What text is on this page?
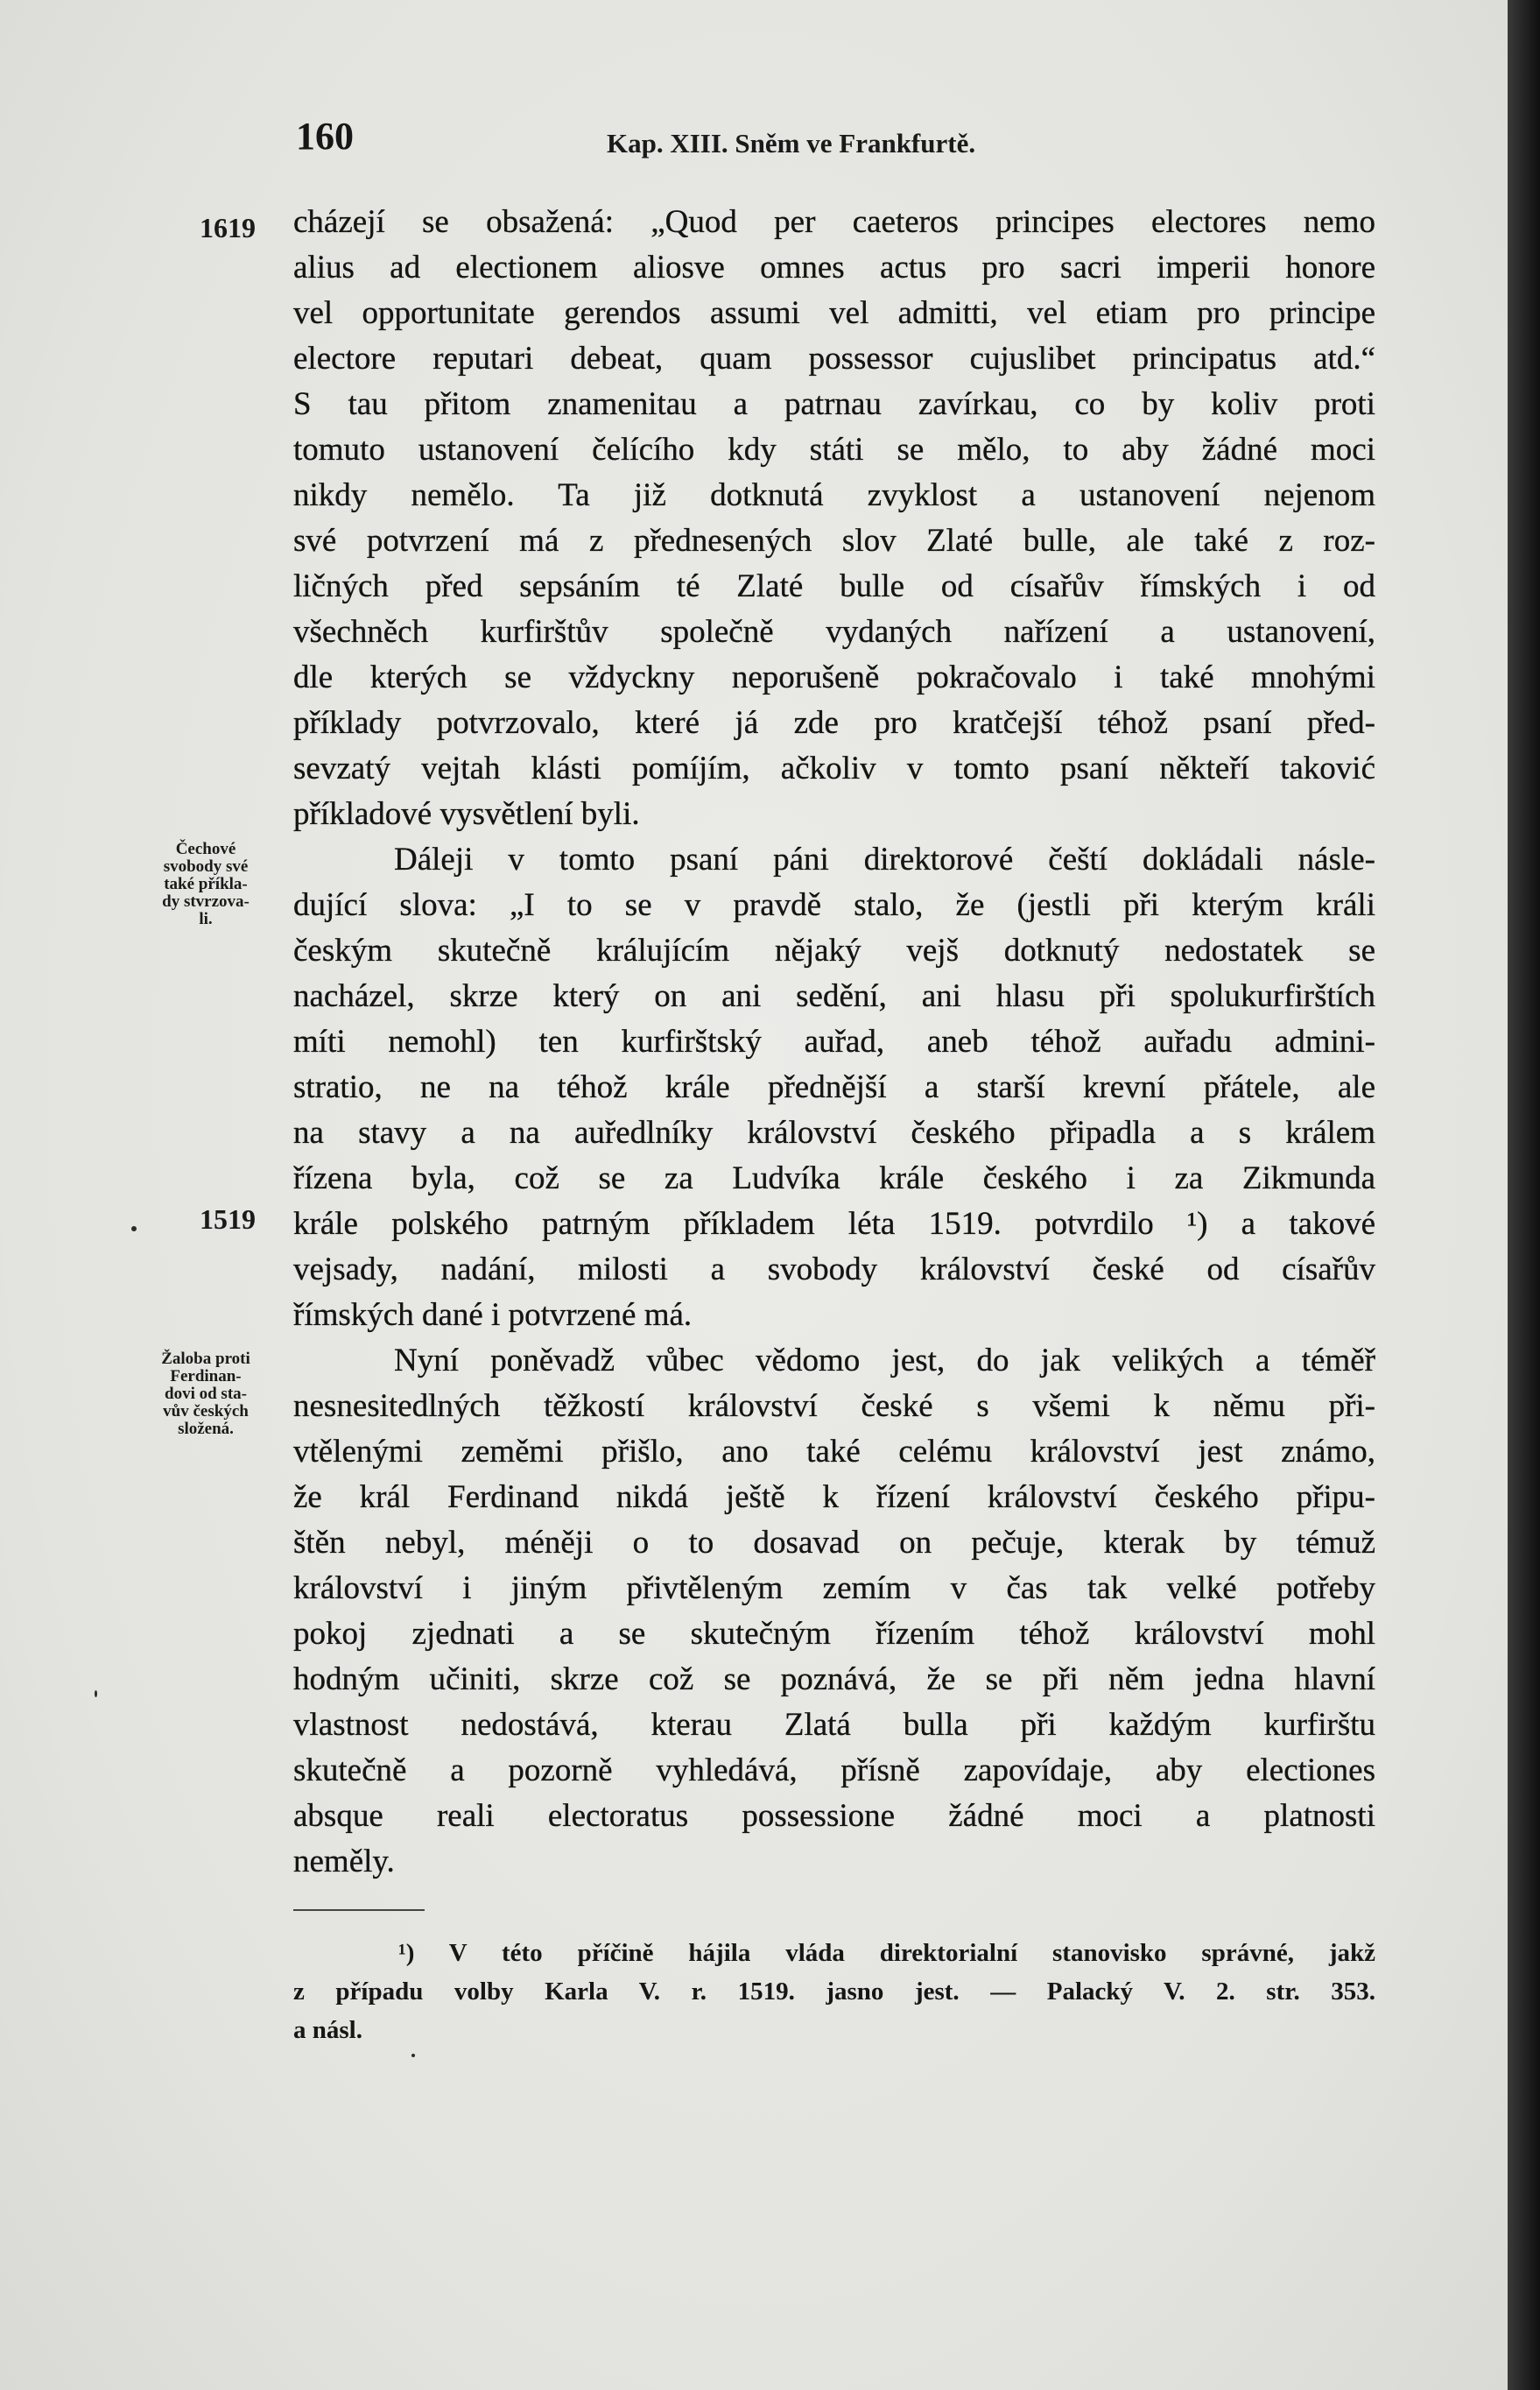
160	Kap. XIII. Sněm ve Frankfurtě.
1619
1519
Čechové
svobody své
také příkla-
dy stvrzova-
li.
Žaloba proti
Ferdinan-
dovi od sta-
vův českých
složená.
cházejí se obsažená: „Quod per caeteros principes electores nemo
alius ad electionem aliosve omnes actus pro sacri imperii honore
vel opportunitate gerendos assumi vel admitti, vel etiam pro principe
electore reputari debeat, quam possessor cujuslibet principatus atd.“
S tau přitom znamenitau a patrnau zavírkau, co by koliv proti
tomuto ustanovení čelícího kdy státi se mělo, to aby žádné moci
nikdy nemělo. Ta již dotknutá zvyklost a ustanovení nejenom
své potvrzení má z přednesených slov Zlaté bulle, ale také z roz-
ličných před sepsáním té Zlaté bulle od císařův římských i od
všechněch kurfirštův společně vydaných nařízení a ustanovení,
dle kterých se vždyckny neporušeně pokračovalo i také mnohými
příklady potvrzovalo, které já zde pro kratčejší téhož psaní před-
sevzatý vejtah klásti pomíjím, ačkoliv v tomto psaní někteří taković
příkladové vysvětlení byli.
Dáleji v tomto psaní páni direktorové čeští dokládali násle-
dující slova: „I to se v pravdě stalo, že (jestli při kterým králi
českým skutečně králujícím nějaký vejš dotknutý nedostatek se
nacházel, skrze který on ani sedění, ani hlasu při spolukurfirštích
míti nemohl) ten kurfirštský auřad, aneb téhož auřadu admini-
stratio, ne na téhož krále přednější a starší krevní přátele, ale
na stavy a na auředlníky království českého připadla a s králem
řízena byla, což se za Ludvíka krále českého i za Zikmunda
krále polského patrným příkladem léta 1519. potvrdilo ¹) a takové
vejsady, nadání, milosti a svobody království české od císařův
římských dané i potvrzené má.
Nyní poněvadž vůbec vědomo jest, do jak velikých a téměř
nesnesitedlných těžkostí království české s všemi k němu při-
vtělenými zeměmi přišlo, ano také celému království jest známo,
že král Ferdinand nikdá ještě k řízení království českého připu-
štěn nebyl, méněji o to dosavad on pečuje, kterak by témuž
království i jiným přivtěleným zemím v čas tak velké potřeby
pokoj zjednati a se skutečným řízením téhož království mohl
hodným učiniti, skrze což se poznává, že se při něm jedna hlavní
vlastnost nedostává, kterau Zlatá bulla při každým kurfirštu
skutečně a pozorně vyhledává, přísně zapovídaje, aby electiones
absque reali electoratus possessione žádné moci a platnosti
neměly.
¹) V této příčině hájila vláda direktorialní stanovisko správné, jakž
z případu volby Karla V. r. 1519. jasno jest. — Palacký V. 2. str. 353.
a násl.
